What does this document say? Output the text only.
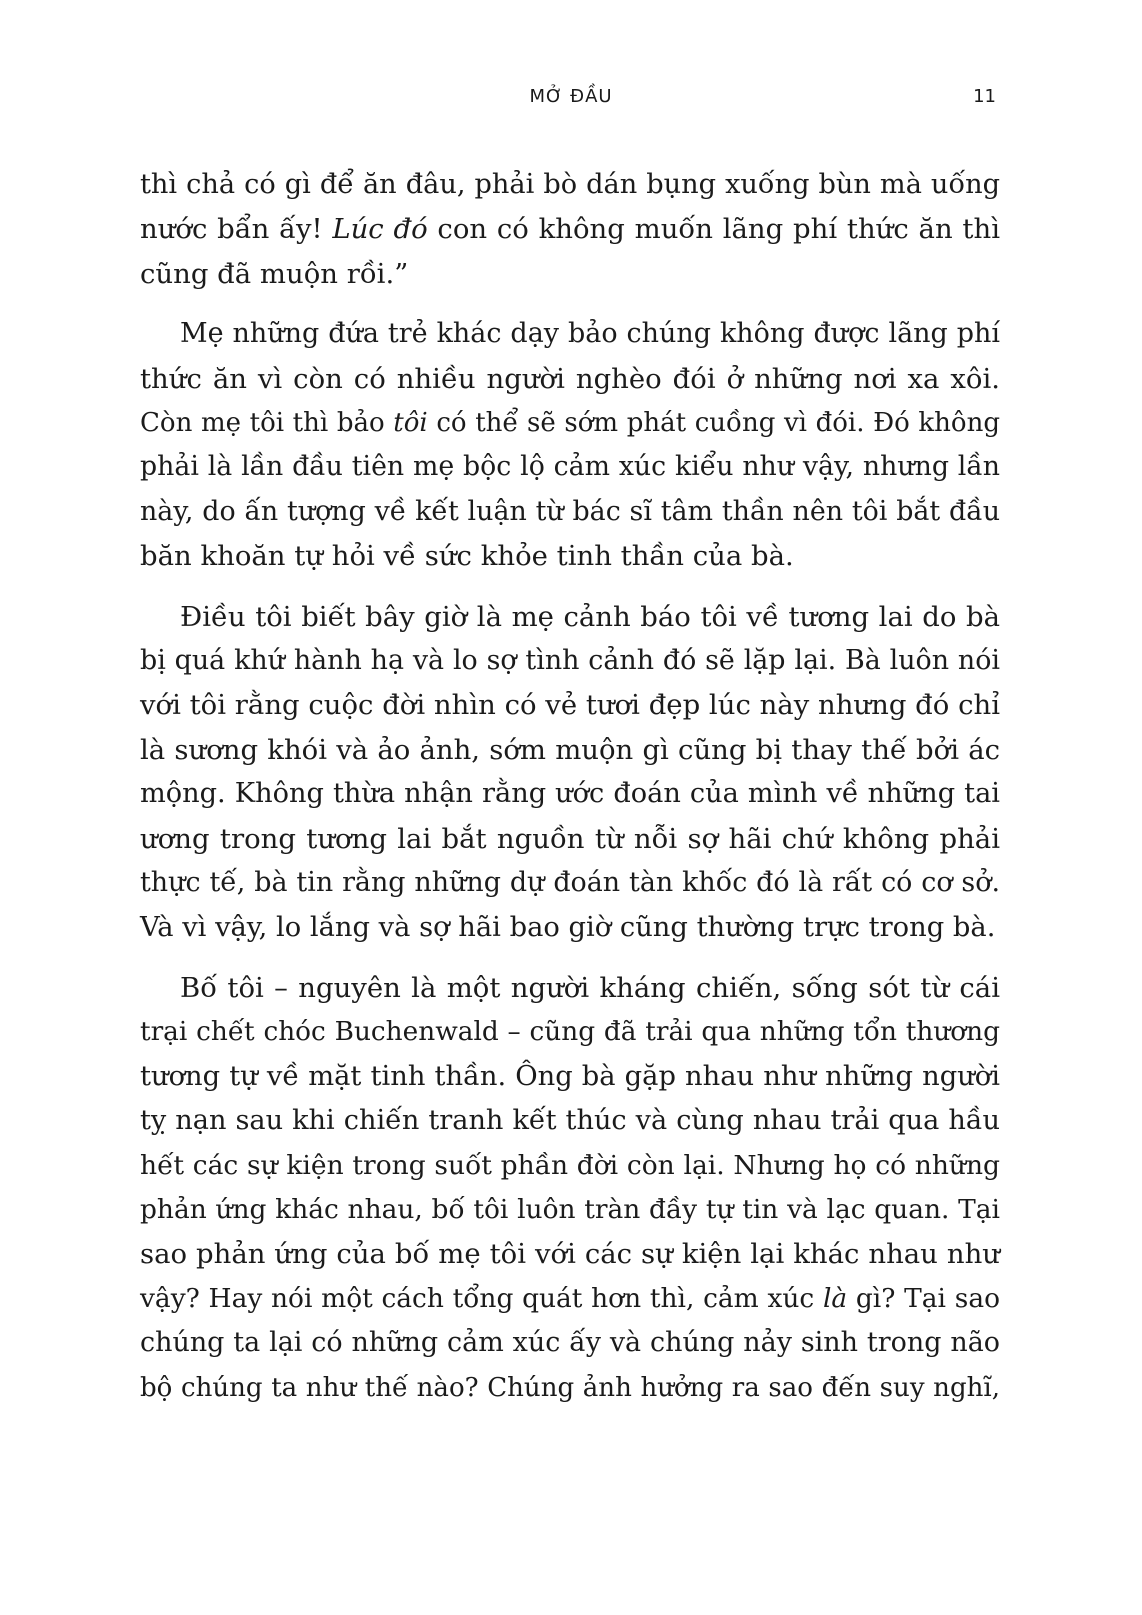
MỞ ĐẦU	11

thì chả có gì để ăn đâu, phải bò dán bụng xuống bùn mà uống
nước bẩn ấy! Lúc đó con có không muốn lãng phí thức ăn thì
cũng đã muộn rồi.”

Mẹ những đứa trẻ khác dạy bảo chúng không được lãng phí
thức ăn vì còn có nhiều người nghèo đói ở những nơi xa xôi.
Còn mẹ tôi thì bảo tôi có thể sẽ sớm phát cuồng vì đói. Đó không
phải là lần đầu tiên mẹ bộc lộ cảm xúc kiểu như vậy, nhưng lần
này, do ấn tượng về kết luận từ bác sĩ tâm thần nên tôi bắt đầu
băn khoăn tự hỏi về sức khỏe tinh thần của bà.

Điều tôi biết bây giờ là mẹ cảnh báo tôi về tương lai do bà
bị quá khứ hành hạ và lo sợ tình cảnh đó sẽ lặp lại. Bà luôn nói
với tôi rằng cuộc đời nhìn có vẻ tươi đẹp lúc này nhưng đó chỉ
là sương khói và ảo ảnh, sớm muộn gì cũng bị thay thế bởi ác
mộng. Không thừa nhận rằng ước đoán của mình về những tai
ương trong tương lai bắt nguồn từ nỗi sợ hãi chứ không phải
thực tế, bà tin rằng những dự đoán tàn khốc đó là rất có cơ sở.
Và vì vậy, lo lắng và sợ hãi bao giờ cũng thường trực trong bà.

Bố tôi – nguyên là một người kháng chiến, sống sót từ cái
trại chết chóc Buchenwald – cũng đã trải qua những tổn thương
tương tự về mặt tinh thần. Ông bà gặp nhau như những người
tỵ nạn sau khi chiến tranh kết thúc và cùng nhau trải qua hầu
hết các sự kiện trong suốt phần đời còn lại. Nhưng họ có những
phản ứng khác nhau, bố tôi luôn tràn đầy tự tin và lạc quan. Tại
sao phản ứng của bố mẹ tôi với các sự kiện lại khác nhau như
vậy? Hay nói một cách tổng quát hơn thì, cảm xúc là gì? Tại sao
chúng ta lại có những cảm xúc ấy và chúng nảy sinh trong não
bộ chúng ta như thế nào? Chúng ảnh hưởng ra sao đến suy nghĩ,
